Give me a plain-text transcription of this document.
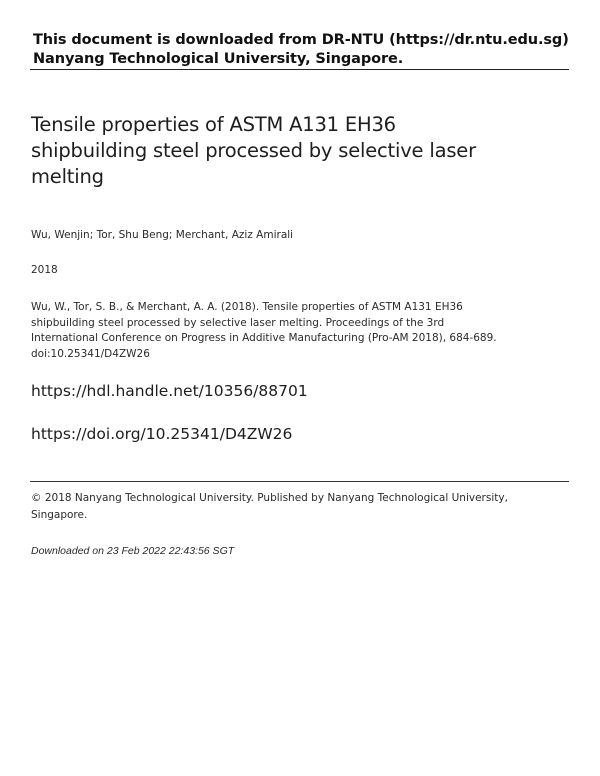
This document is downloaded from DR-NTU (https://dr.ntu.edu.sg)
Nanyang Technological University, Singapore.
Tensile properties of ASTM A131 EH36
shipbuilding steel processed by selective laser
melting
Wu, Wenjin; Tor, Shu Beng; Merchant, Aziz Amirali
2018
Wu, W., Tor, S. B., & Merchant, A. A. (2018). Tensile properties of ASTM A131 EH36
shipbuilding steel processed by selective laser melting. Proceedings of the 3rd
International Conference on Progress in Additive Manufacturing (Pro-AM 2018), 684-689.
doi:10.25341/D4ZW26
https://hdl.handle.net/10356/88701
https://doi.org/10.25341/D4ZW26
© 2018 Nanyang Technological University. Published by Nanyang Technological University,
Singapore.
Downloaded on 23 Feb 2022 22:43:56 SGT
